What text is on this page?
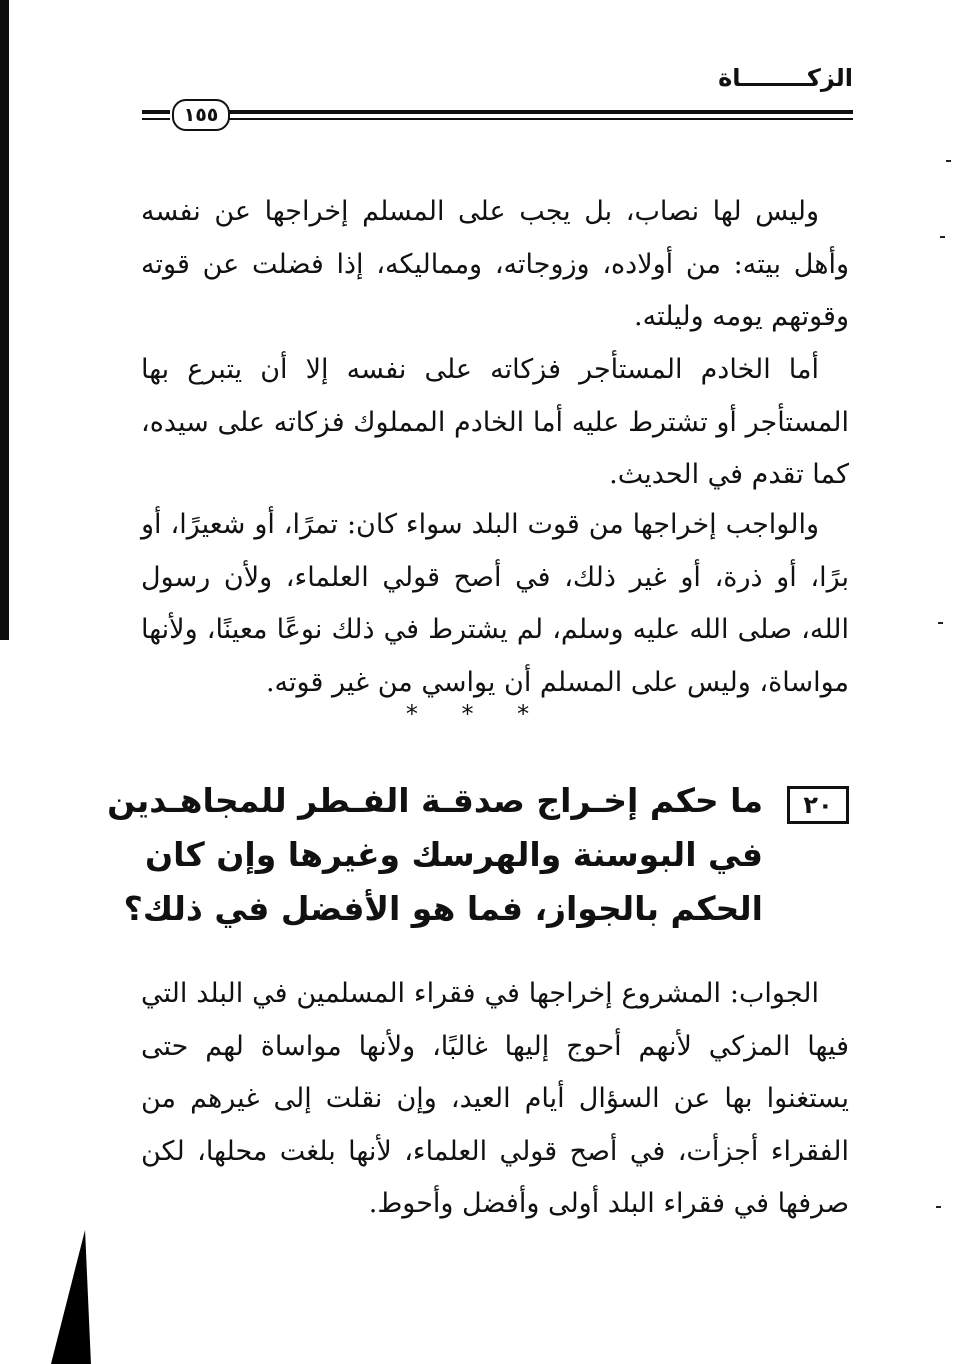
الزكــــــــاة
١٥٥

وليس لها نصاب، بل يجب على المسلم إخراجها عن نفسه وأهل بيته: من أولاده، وزوجاته، ومماليكه، إذا فضلت عن قوته وقوتهم يومه وليلته.

أما الخادم المستأجر فزكاته على نفسه إلا أن يتبرع بها المستأجر أو تشترط عليه أما الخادم المملوك فزكاته على سيده، كما تقدم في الحديث.

والواجب إخراجها من قوت البلد سواء كان: تمرًا، أو شعيرًا، أو برًا، أو ذرة، أو غير ذلك، في أصح قولي العلماء، ولأن رسول الله، صلى الله عليه وسلم، لم يشترط في ذلك نوعًا معينًا، ولأنها مواساة، وليس على المسلم أن يواسي من غير قوته.

* * *
٢٠
ما حكم إخـراج صدقـة الفـطر للمجاهـدين في البوسنة والهرسك وغيرها وإن كان الحكم بالجواز، فما هو الأفضل في ذلك؟

الجواب: المشروع إخراجها في فقراء المسلمين في البلد التي فيها المزكي لأنهم أحوج إليها غالبًا، ولأنها مواساة لهم حتى يستغنوا بها عن السؤال أيام العيد، وإن نقلت إلى غيرهم من الفقراء أجزأت، في أصح قولي العلماء، لأنها بلغت محلها، لكن صرفها في فقراء البلد أولى وأفضل وأحوط.
